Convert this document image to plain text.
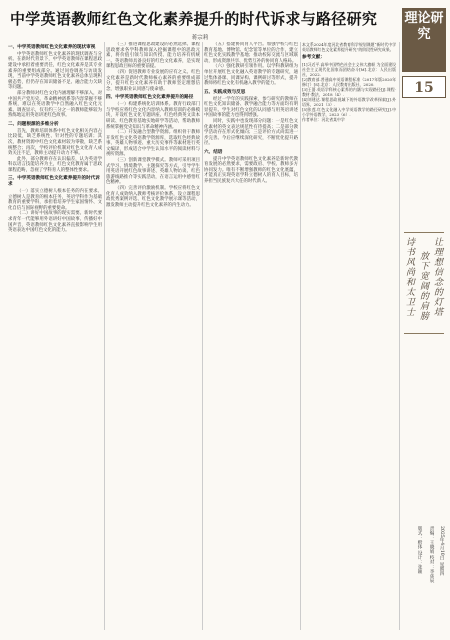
中学英语教师红色文化素养提升的时代诉求与路径研究
蒋宗莉
一、中学英语教师红色文化素养的现状审视

中学英语教师红色文化素养的现状调查与分析。在新时代背景下，中学英语教师在课程思政建设中承担着重要责任，红色文化素养是其专业素养的重要组成部分。通过问卷调查与访谈发现，当前中学英语教师红色文化素养总体呈现积极态势，但仍存在知识储备不足、融合能力欠缺等问题。

部分教师对红色文化内涵理解不够深入，对中国共产党历史、革命精神谱系等内容掌握不够系统，难以在英语教学中自然融入红色文化元素。调查显示，仅有约三分之一的教师能够较为熟练地运用英语讲述红色故事。

二、问题根源的多维分析

首先，教师培训体系中红色文化相关内容占比较低，缺乏系统性、针对性的专题培训；其次，教材资源中红色文化素材较为零散，缺乏系统整合；再次，学校评价机制对红色文化育人成效关注不足，教师主动提升动力不够。

此外，部分教师存在认识偏差，认为英语学科以语言技能培养为主，红色文化教育属于思政课程范畴，忽视了学科育人的整体性要求。

三、中学英语教师红色文化素养提升的时代诉求

（一）落实立德树人根本任务的内在要求。立德树人是教育的根本任务，英语学科作为基础教育的重要学科，承担着培养学生家国情怀、文化自信与国际视野的重要使命。

（二）讲好中国故事的现实需要。新时代要求青年一代能够用外语讲好中国故事、传播好中国声音，英语教师红色文化素养直接影响学生用英语表达中国红色文化的能力。

（三）推进课程思政建设的必然选择。课程思政要求各学科教师深入挖掘课程中的思政元素，将价值引领与知识传授、能力培养有机统一。英语教师具备良好的红色文化素养，是实现课程思政目标的重要前提。

（四）促进教师专业发展的应有之义。红色文化素养是新时代教师核心素养的重要组成部分，提升红色文化素养有助于教师坚定理想信念，增强职业认同感与使命感。

四、中学英语教师红色文化素养提升的路径

（一）构建系统化培训体系。教育行政部门与学校应将红色文化内容纳入教师培训的必修模块，开设红色文化专题讲座、红色经典英文读本研读、红色教育基地实地研学等活动，帮助教师系统掌握党史知识与革命精神内涵。

（二）开发融合型教学资源。组织骨干教师开发红色文化英语教学资源库，选取红色经典故事、英雄人物事迹、重大历史事件等素材进行英文编译，形成适合中学生认知水平的阅读材料与视听资源。

（三）创新课堂教学模式。教师可采用项目式学习、情境教学、主题探究等方式，引导学生用英语开展红色故事讲述、英雄人物访谈、红色旅游线路推介等实践活动，在语言运用中感悟红色精神。

（四）完善评价激励机制。学校应将红色文化育人成效纳入教师考核评价体系，设立课程思政优秀案例评选、红色文化教学展示课等活动，激发教师主动提升红色文化素养的内生动力。

（五）搭建协同育人平台。加强学校与红色教育基地、博物馆、纪念馆等单位的合作，建立红色文化实践教学基地；推动校际交流与区域联动，形成资源共享、优势互补的协同育人格局。

（六）强化教研引领作用。以学科教研组为单位开展红色文化融入英语教学的专题研究，通过集体备课、同课异构、课例研讨等形式，提升教师将红色文化有机融入教学的能力。

五、实践成效与反思

经过一学年的实践探索，参与研究的教师在红色文化知识储备、教学融合能力等方面均有明显提升。学生对红色文化的认同感与用英语讲述中国故事的能力也得到增强。

同时，实践中也发现部分问题：一是红色文化素材的英文表达规范性有待提高；二是部分教学活动存在形式化倾向；三是评价方式尚需进一步完善。今后应继续深化研究，不断优化提升路径。

六、结语

提升中学英语教师红色文化素养是新时代教育发展的必然要求，需要政府、学校、教师多方协同发力。唯有不断增强教师的红色文化底蕴，才能真正实现英语学科立德树人的育人目标，培养担当民族复兴大任的时代新人。

本文系2024年度河北省教育科学规划课题“新时代中学英语教师红色文化素养提升研究”的阶段性研究成果。

参考文献：

[1]习近平.高举中国特色社会主义伟大旗帜 为全面建设社会主义现代化国家而团结奋斗[M].北京：人民出版社，2022.

[2]教育部.普通高中英语课程标准（2017年版2020年修订）[S].北京：人民教育出版社，2020.

[3]王蔷.英语学科核心素养的内涵与实现路径[J].课程·教材·教法，2018（4）.

[4]刘建达.课程思政视域下的外语教学改革探索[J].外语界，2021（3）.

[5]张莲.红色文化融入中学英语教学的路径研究[J].中小学外语教学，2023（6）.

作者单位：河北省某中学

理论研究
15
让理想信念的灯塔
放下宽阔的肩膀
诗书风尚和太卫士
2025年4月10日 星期四
责编：王晓娟 校对：李彦辰
版式：楷体 设计：张颖
